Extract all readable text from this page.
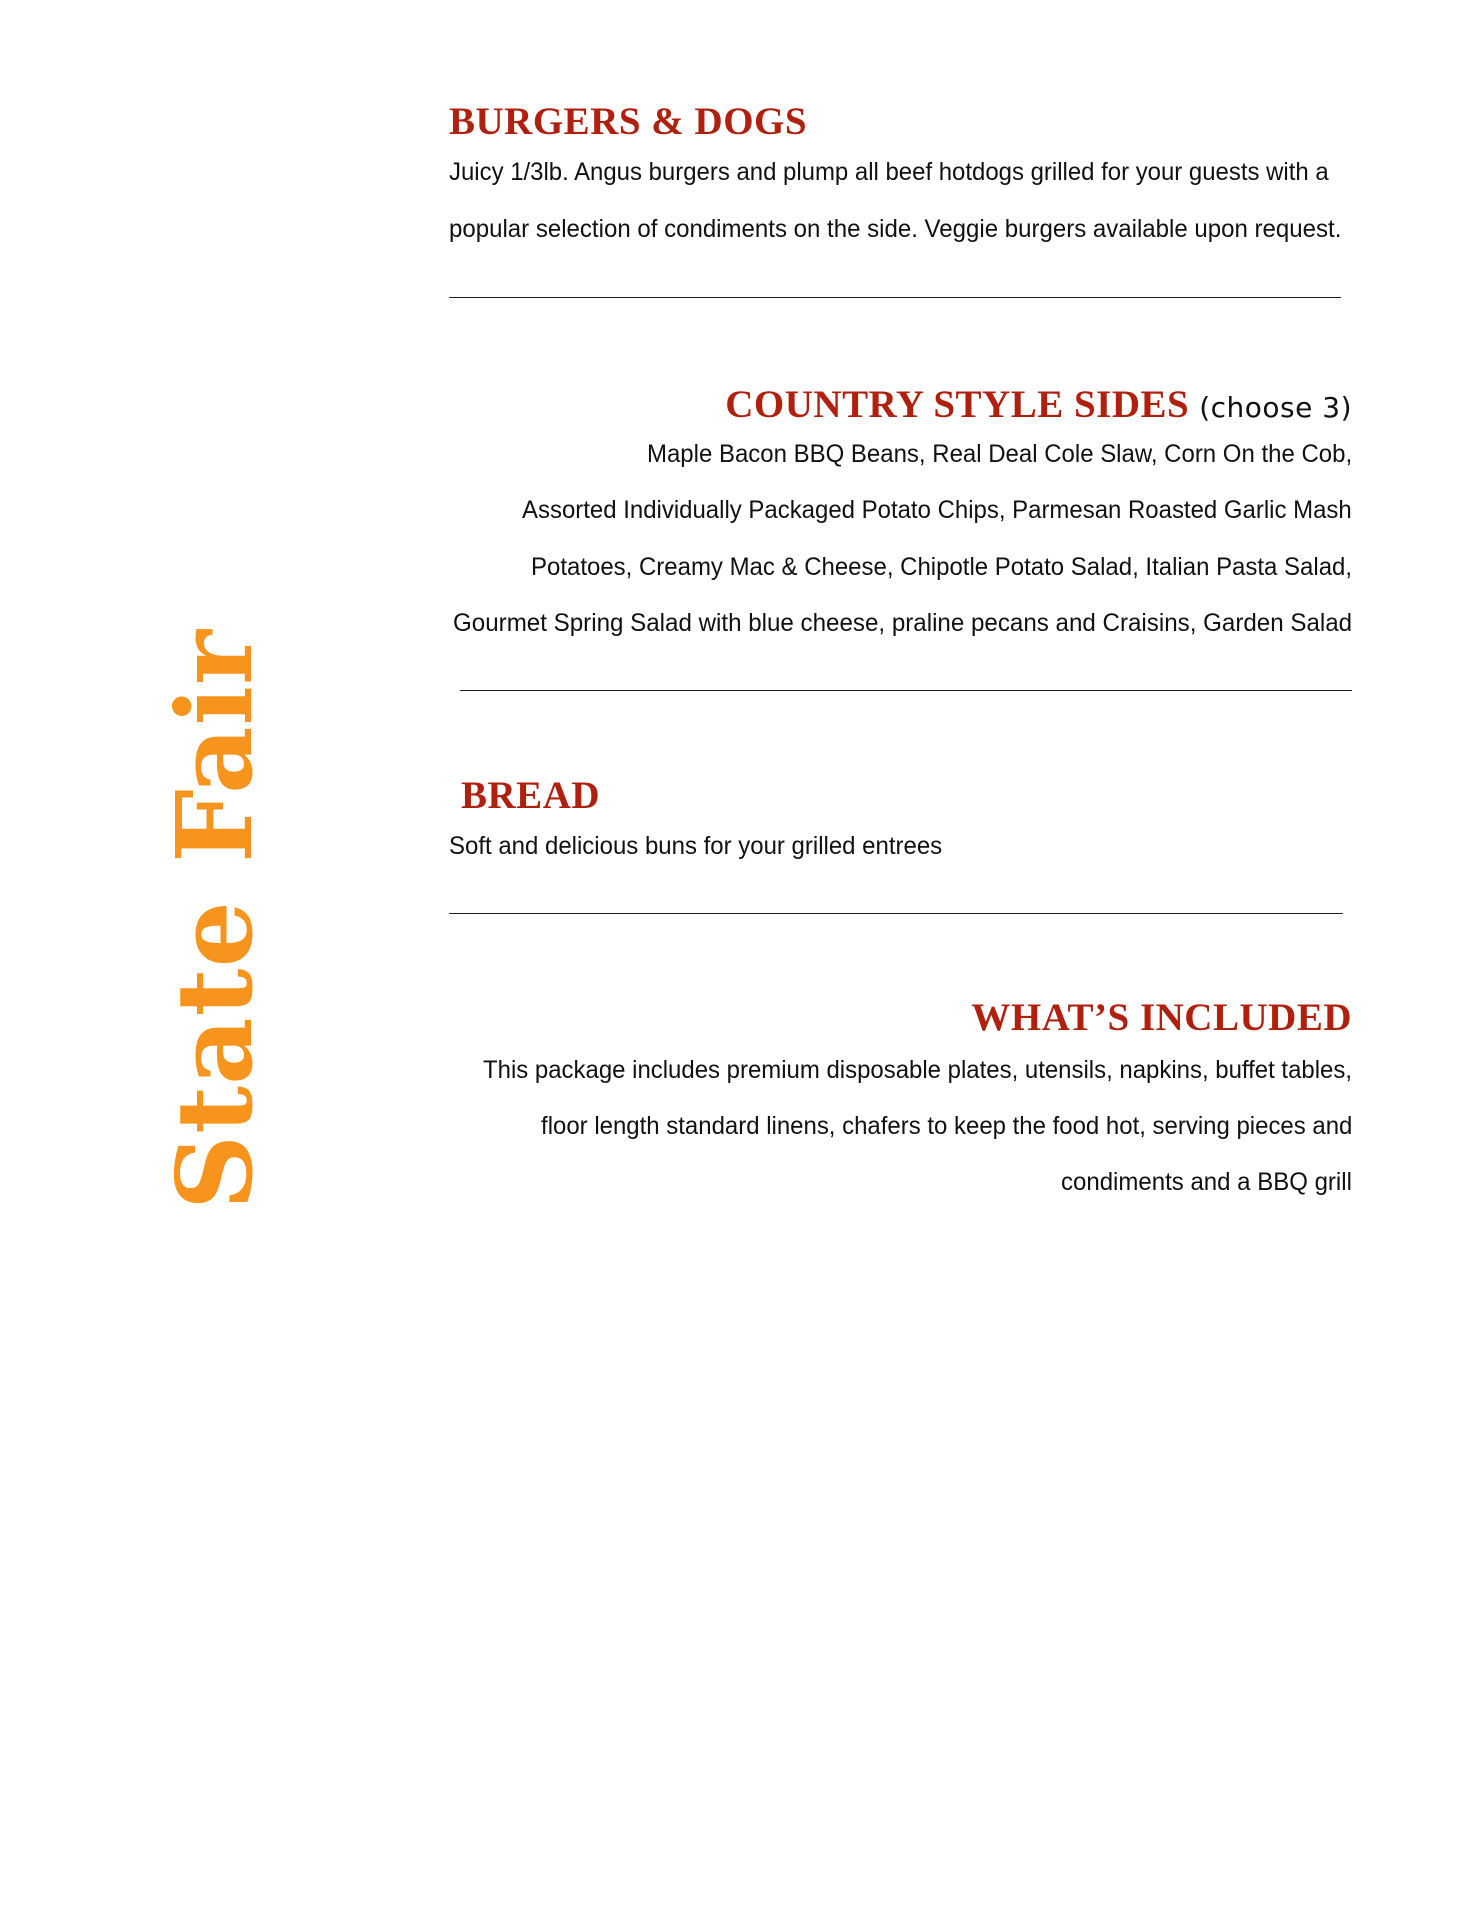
State Fair
BURGERS & DOGS
Juicy 1/3lb. Angus burgers and plump all beef hotdogs grilled for your guests with a
popular selection of condiments on the side. Veggie burgers available upon request.
COUNTRY STYLE SIDES (choose 3)
Maple Bacon BBQ Beans, Real Deal Cole Slaw, Corn On the Cob,
Assorted Individually Packaged Potato Chips, Parmesan Roasted Garlic Mash
Potatoes, Creamy Mac & Cheese, Chipotle Potato Salad, Italian Pasta Salad,
Gourmet Spring Salad with blue cheese, praline pecans and Craisins, Garden Salad
BREAD
Soft and delicious buns for your grilled entrees
WHAT’S INCLUDED
This package includes premium disposable plates, utensils, napkins, buffet tables,
floor length standard linens, chafers to keep the food hot, serving pieces and
condiments and a BBQ grill
